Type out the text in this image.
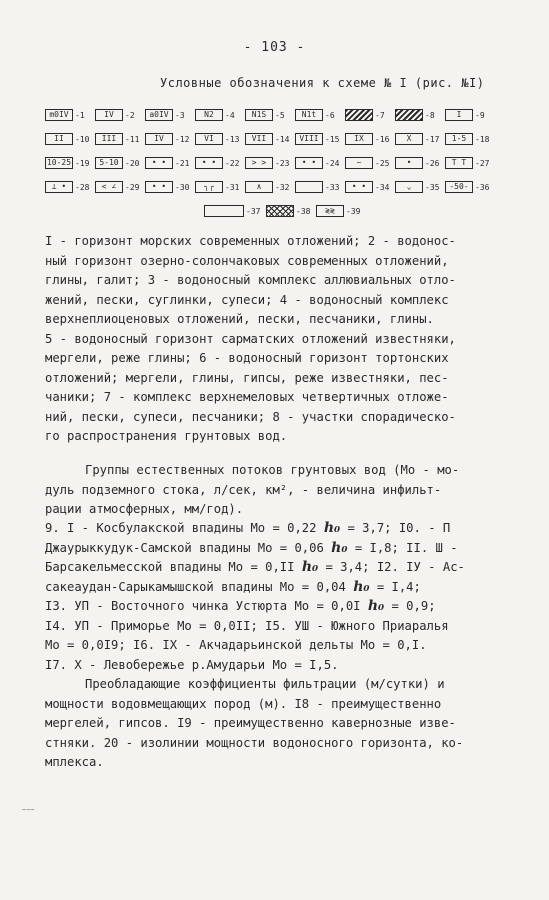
- 103 -
Условные обозначения к схеме № I (рис. №I)
m0IV -1	IV	-2	a0IV -3	N2	-4	N1S	-5	N1t	-6	-7	-8	I	-9
II	-10	III	-11	IV	-12	VI	-13	VII	-14	VIII -15	IX	-16	X	-17	1-5	-18
10-25 -19	5-10 -20	• •	-21	• •	-22	> >	-23	• •	-24	~	-25	•	-26	T T	-27
⊥ •	-28	< ∠	-29	• •	-30	╮╭	-31	∧	-32	-33	• •	-34	⌄	-35	-50- -36
-37	-38	≷≷	-39

I - горизонт морских современных отложений; 2 - водонос-

ный горизонт озерно-солончаковых современных отложений,

глины, галит; 3 - водоносный комплекс аллювиальных отло-

жений, пески, суглинки, супеси; 4 - водоносный комплекс

верхнеплиоценовых отложений, пески, песчаники, глины.

5 - водоносный горизонт сарматских отложений известняки,

мергели, реже глины; 6 - водоносный горизонт тортонских

отложений; мергели, глины, гипсы, реже известняки, пес-

чаники; 7 - комплекс верхнемеловых четвертичных отложе-

ний, пески, супеси, песчаники; 8 - участки спорадическо-

го распространения грунтовых вод.

Группы естественных потоков грунтовых вод (Мо - мо-

дуль подземного стока, л/сек, км², - величина инфильт-

рации атмосферных, мм/год).

9. I - Косбулакской впадины Мо = 0,22 h₀ = 3,7; I0. - П

Джаурыккудук-Самской впадины Мо = 0,06 h₀ = I,8; II. Ш -

Барсакельмесской впадины Мо = 0,II h₀ = 3,4; I2. IУ - Ас-

сакеаудан-Сарыкамышской впадины Мо = 0,04 h₀ = I,4;

I3. УП - Восточного чинка Устюрта Мо = 0,0I h₀ = 0,9;

I4. УП - Приморье Мо = 0,0II; I5. УШ - Южного Приаралья

Мо = 0,0I9; I6. IX - Акчадарьинской дельты Мо = 0,I.

I7. X - Левобережье р.Амударьи Мо = I,5.

Преобладающие коэффициенты фильтрации (м/сутки) и

мощности водовмещающих пород (м). I8 - преимущественно

мергелей, гипсов. I9 - преимущественно кавернозные изве-

стняки. 20 - изолинии мощности водоносного горизонта, ко-

мплекса.

~~~
